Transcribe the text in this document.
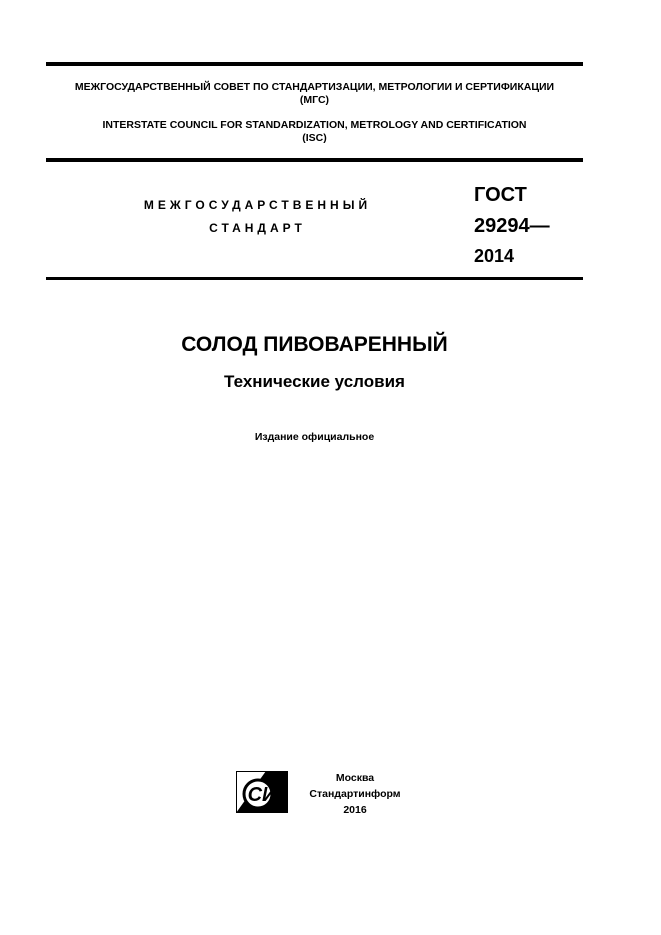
МЕЖГОСУДАРСТВЕННЫЙ СОВЕТ ПО СТАНДАРТИЗАЦИИ, МЕТРОЛОГИИ И СЕРТИФИКАЦИИ
(МГС)
INTERSTATE COUNCIL FOR STANDARDIZATION, METROLOGY AND CERTIFICATION
(ISC)
МЕЖГОСУДАРСТВЕННЫЙ
СТАНДАРТ
ГОСТ
29294—
2014
СОЛОД ПИВОВАРЕННЫЙ
Технические условия
Издание официальное
СИ
Москва
Стандартинформ
2016
